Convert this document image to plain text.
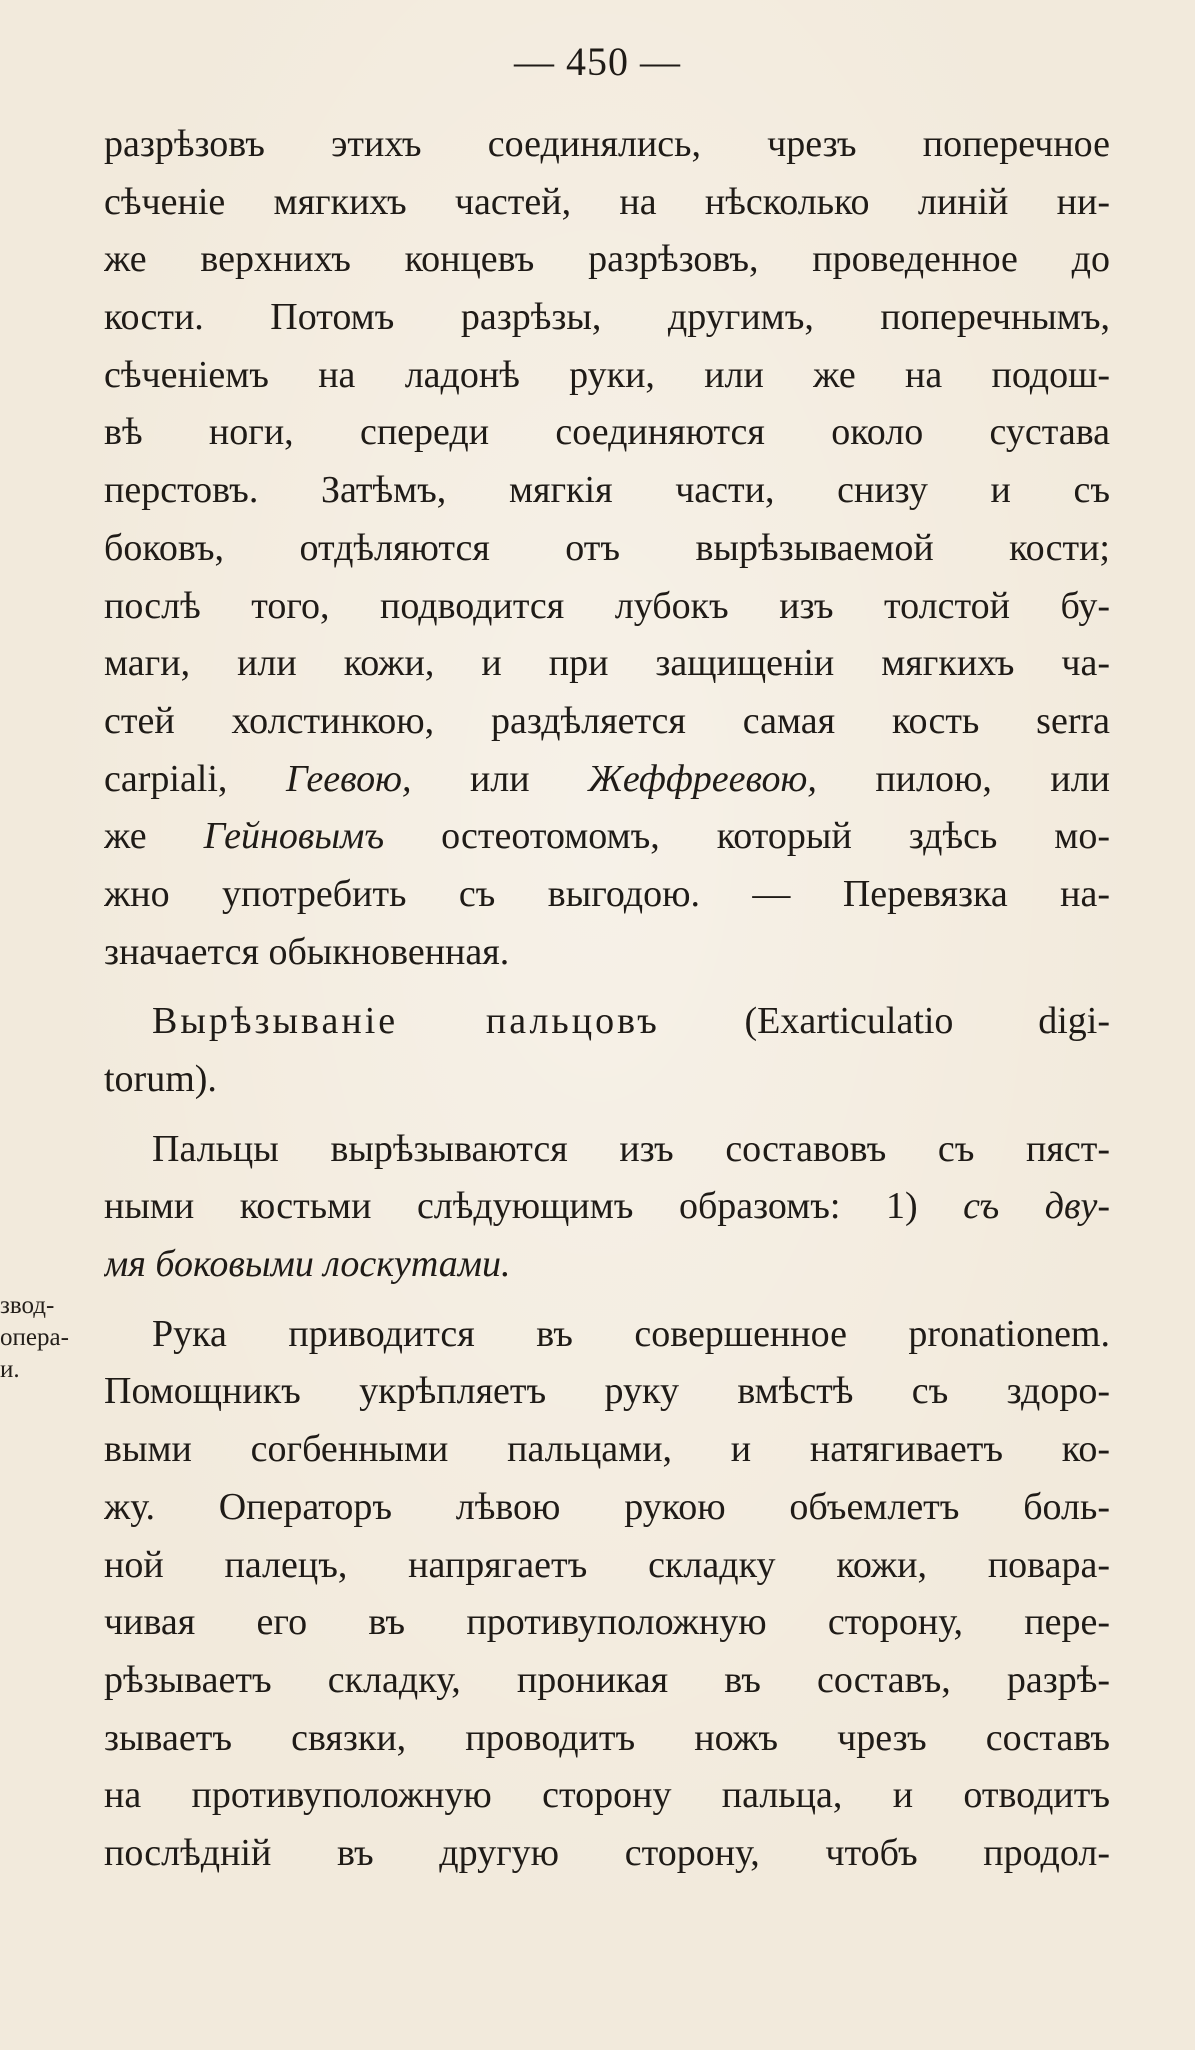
— 450 —
звод-
опера-
и.
разрѣзовъ этихъ соединялись, чрезъ поперечное
сѣченіе мягкихъ частей, на нѣсколько линій ни-
же верхнихъ концевъ разрѣзовъ, проведенное до
кости. Потомъ разрѣзы, другимъ, поперечнымъ,
сѣченіемъ на ладонѣ руки, или же на подош-
вѣ ноги, спереди соединяются около сустава
перстовъ. Затѣмъ, мягкія части, снизу и съ
боковъ, отдѣляются отъ вырѣзываемой кости;
послѣ того, подводится лубокъ изъ толстой бу-
маги, или кожи, и при защищеніи мягкихъ ча-
стей холстинкою, раздѣляется самая кость serra
carpiali, Геевою, или Жеффреевою, пилою, или
же Гейновымъ остеотомомъ, который здѣсь мо-
жно употребить съ выгодою. — Перевязка на-
значается обыкновенная.
Вырѣзываніе пальцовъ (Exarticulatio digi-
torum).
Пальцы вырѣзываются изъ составовъ съ пяст-
ными костьми слѣдующимъ образомъ: 1) съ дву-
мя боковыми лоскутами.
Рука приводится въ совершенное pronationem.
Помощникъ укрѣпляетъ руку вмѣстѣ съ здоро-
выми согбенными пальцами, и натягиваетъ ко-
жу. Операторъ лѣвою рукою объемлетъ боль-
ной палецъ, напрягаетъ складку кожи, повара-
чивая его въ противуположную сторону, пере-
рѣзываетъ складку, проникая въ составъ, разрѣ-
зываетъ связки, проводитъ ножъ чрезъ составъ
на противуположную сторону пальца, и отводитъ
послѣдній въ другую сторону, чтобъ продол-
